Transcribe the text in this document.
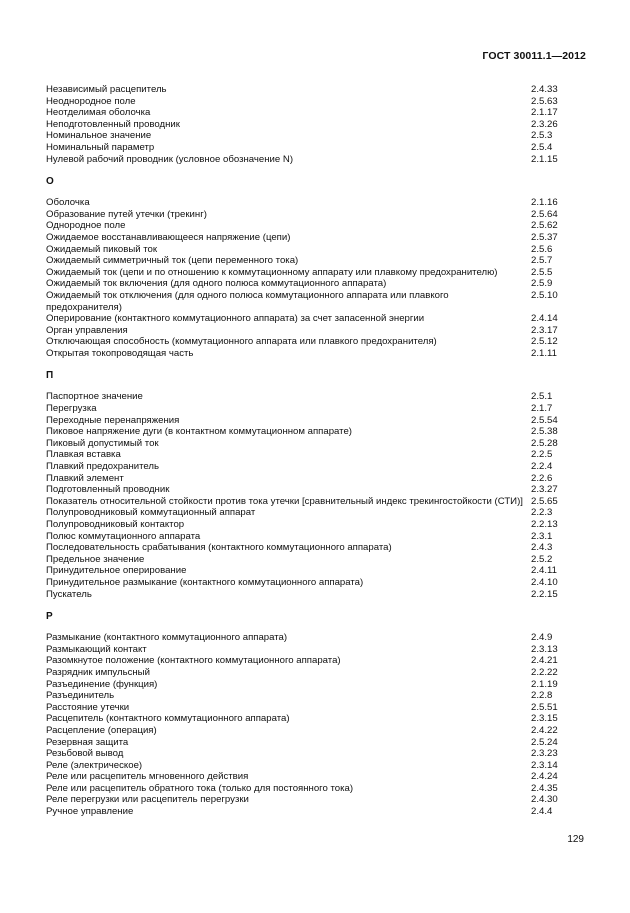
ГОСТ 30011.1—2012
Независимый расцепитель	2.4.33
Неоднородное поле	2.5.63
Неотделимая оболочка	2.1.17
Неподготовленный проводник	2.3.26
Номинальное значение	2.5.3
Номинальный параметр	2.5.4
Нулевой рабочий проводник (условное обозначение N)	2.1.15
О
Оболочка	2.1.16
Образование путей утечки (трекинг)	2.5.64
Однородное поле	2.5.62
Ожидаемое восстанавливающееся напряжение (цепи)	2.5.37
Ожидаемый пиковый ток	2.5.6
Ожидаемый симметричный ток (цепи переменного тока)	2.5.7
Ожидаемый ток (цепи и по отношению к коммутационному аппарату или плавкому предохранителю)	2.5.5
Ожидаемый ток включения (для одного полюса коммутационного аппарата)	2.5.9
Ожидаемый ток отключения (для одного полюса коммутационного аппарата или плавкого предохранителя)
2.5.10
Оперирование (контактного коммутационного аппарата) за счет запасенной энергии	2.4.14
Орган управления	2.3.17
Отключающая способность (коммутационного аппарата или плавкого предохранителя)	2.5.12
Открытая токопроводящая часть	2.1.11
П
Паспортное значение	2.5.1
Перегрузка	2.1.7
Переходные перенапряжения	2.5.54
Пиковое напряжение дуги (в контактном коммутационном аппарате)	2.5.38
Пиковый допустимый ток	2.5.28
Плавкая вставка	2.2.5
Плавкий предохранитель	2.2.4
Плавкий элемент	2.2.6
Подготовленный проводник	2.3.27
Показатель относительной стойкости против тока утечки [сравнительный индекс трекингостойкости (СТИ)] 2.5.65
Полупроводниковый коммутационный аппарат	2.2.3
Полупроводниковый контактор	2.2.13
Полюс коммутационного аппарата	2.3.1
Последовательность срабатывания (контактного коммутационного аппарата)	2.4.3
Предельное значение	2.5.2
Принудительное оперирование	2.4.11
Принудительное размыкание (контактного коммутационного аппарата)	2.4.10
Пускатель	2.2.15
Р
Размыкание (контактного коммутационного аппарата)	2.4.9
Размыкающий контакт	2.3.13
Разомкнутое положение (контактного коммутационного аппарата)	2.4.21
Разрядник импульсный	2.2.22
Разъединение (функция)	2.1.19
Разъединитель	2.2.8
Расстояние утечки	2.5.51
Расцепитель (контактного коммутационного аппарата)	2.3.15
Расцепление (операция)	2.4.22
Резервная защита	2.5.24
Резьбовой вывод	2.3.23
Реле (электрическое)	2.3.14
Реле или расцепитель мгновенного действия	2.4.24
Реле или расцепитель обратного тока (только для постоянного тока)	2.4.35
Реле перегрузки или расцепитель перегрузки	2.4.30
Ручное управление	2.4.4
129
